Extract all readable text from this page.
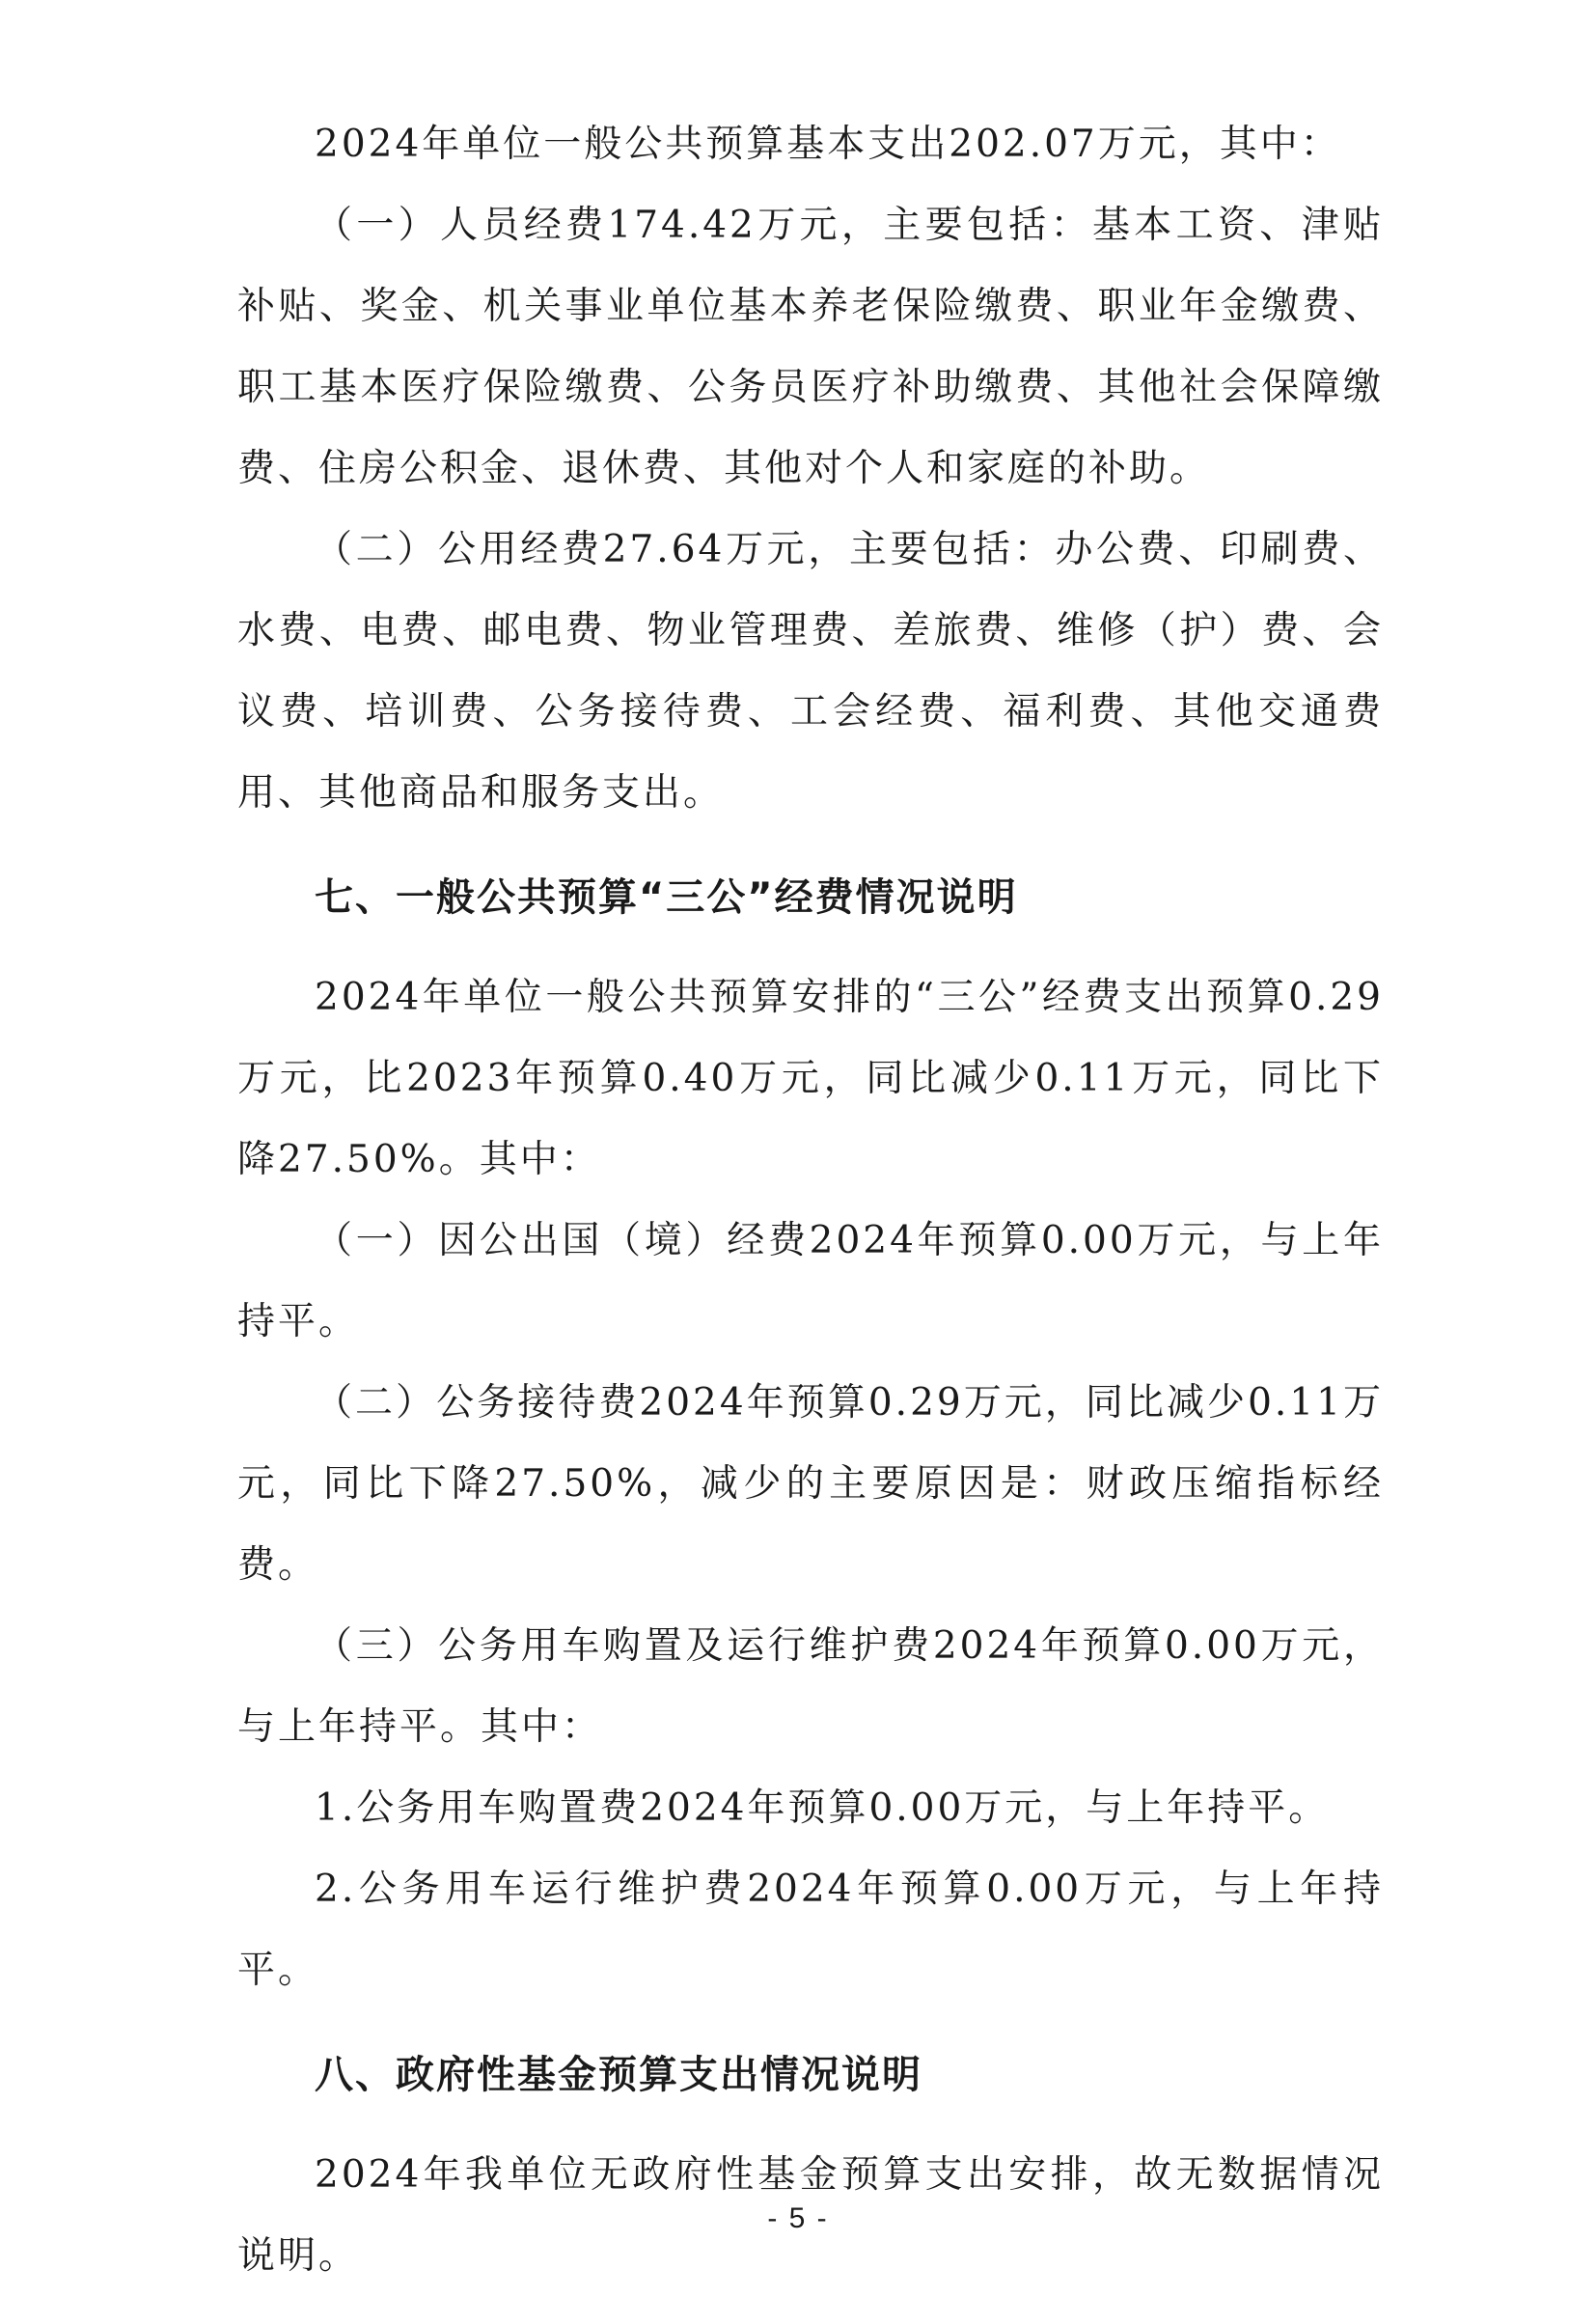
2024年单位一般公共预算基本支出202.07万元，其中：

（一）人员经费174.42万元，主要包括：基本工资、津贴补贴、奖金、机关事业单位基本养老保险缴费、职业年金缴费、职工基本医疗保险缴费、公务员医疗补助缴费、其他社会保障缴费、住房公积金、退休费、其他对个人和家庭的补助。

（二）公用经费27.64万元，主要包括：办公费、印刷费、水费、电费、邮电费、物业管理费、差旅费、维修（护）费、会议费、培训费、公务接待费、工会经费、福利费、其他交通费用、其他商品和服务支出。

七、一般公共预算“三公”经费情况说明

2024年单位一般公共预算安排的“三公”经费支出预算0.29万元，比2023年预算0.40万元，同比减少0.11万元，同比下降27.50%。其中：

（一）因公出国（境）经费2024年预算0.00万元，与上年持平。

（二）公务接待费2024年预算0.29万元，同比减少0.11万元，同比下降27.50%，减少的主要原因是：财政压缩指标经费。

（三）公务用车购置及运行维护费2024年预算0.00万元，与上年持平。其中：

1.公务用车购置费2024年预算0.00万元，与上年持平。

2.公务用车运行维护费2024年预算0.00万元，与上年持平。

八、政府性基金预算支出情况说明

2024年我单位无政府性基金预算支出安排，故无数据情况说明。

- 5 -
